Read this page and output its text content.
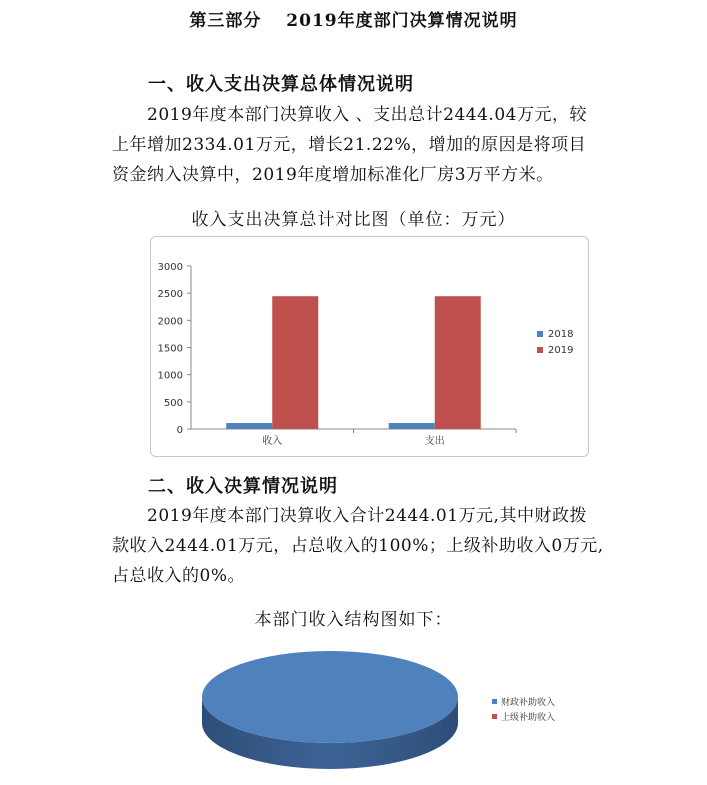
第三部分　 2019年度部门决算情况说明
一、收入支出决算总体情况说明
2019年度本部门决算收入 、支出总计2444.04万元，较
上年增加2334.01万元，增长21.22%，增加的原因是将项目
资金纳入决算中，2019年度增加标准化厂房3万平方米。
收入支出决算总计对比图（单位：万元）
3000
2500
2000
1500
1000
500
0
收入	支出
2018
2019
二、收入决算情况说明
2019年度本部门决算收入合计2444.01万元,其中财政拨
款收入2444.01万元，占总收入的100%；上级补助收入0万元,
占总收入的0%。
本部门收入结构图如下：
财政补助收入
上级补助收入
